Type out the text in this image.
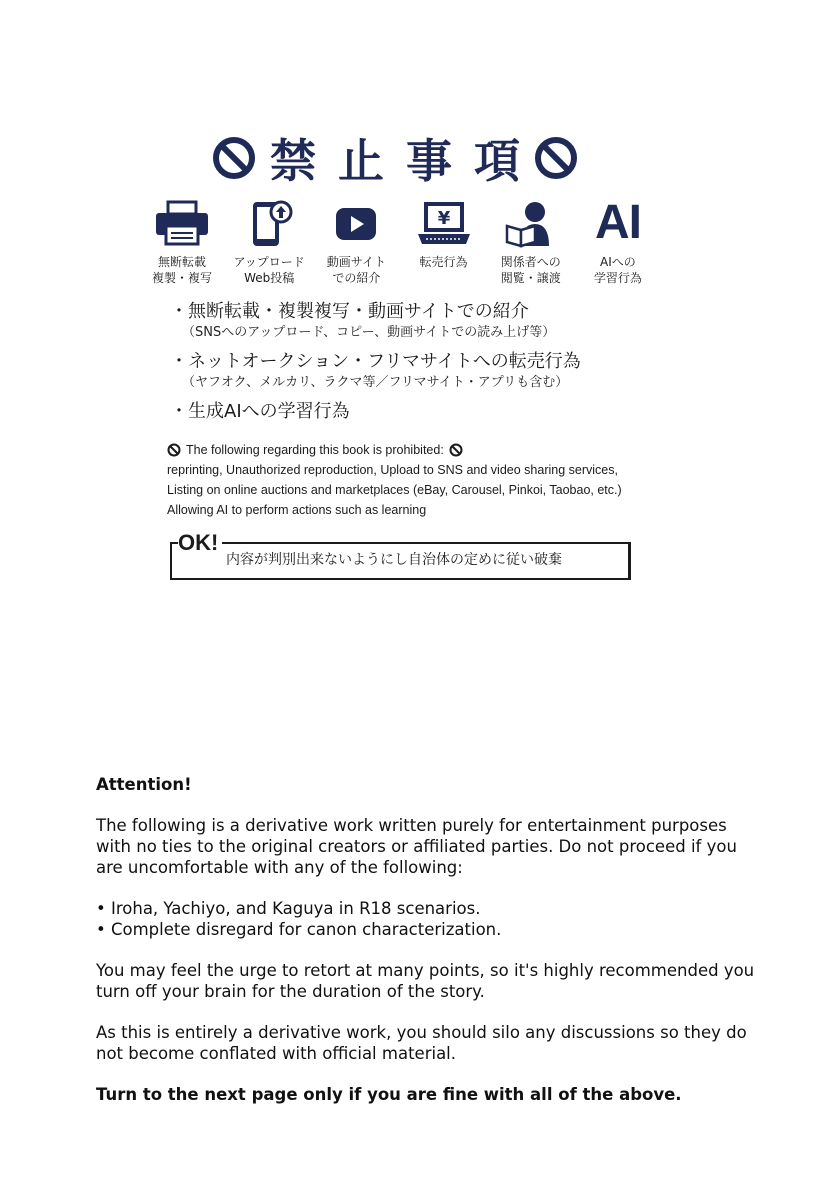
禁止事項
無断転載
複製・複写
アップロード
Web投稿
動画サイト
での紹介
¥
転売行為	関係者への
閲覧・譲渡
AI
AIへの
学習行為
・無断転載・複製複写・動画サイトでの紹介
（SNSへのアップロード、コピー、動画サイトでの読み上げ等）
・ネットオークション・フリマサイトへの転売行為
（ヤフオク、メルカリ、ラクマ等／フリマサイト・アプリも含む）
・生成AIへの学習行為
The following regarding this book is prohibited:
reprinting, Unauthorized reproduction, Upload to SNS and video sharing services,
Listing on online auctions and marketplaces (eBay, Carousel, Pinkoi, Taobao, etc.)
Allowing AI to perform actions such as learning
OK!
内容が判別出来ないようにし自治体の定めに従い破棄

Attention!

The following is a derivative work written purely for entertainment purposes with no ties to the original creators or affiliated parties. Do not proceed if you are uncomfortable with any of the following:

• Iroha, Yachiyo, and Kaguya in R18 scenarios.
• Complete disregard for canon characterization.

You may feel the urge to retort at many points, so it's highly recommended you turn off your brain for the duration of the story.

As this is entirely a derivative work, you should silo any discussions so they do not become conflated with official material.

Turn to the next page only if you are fine with all of the above.
